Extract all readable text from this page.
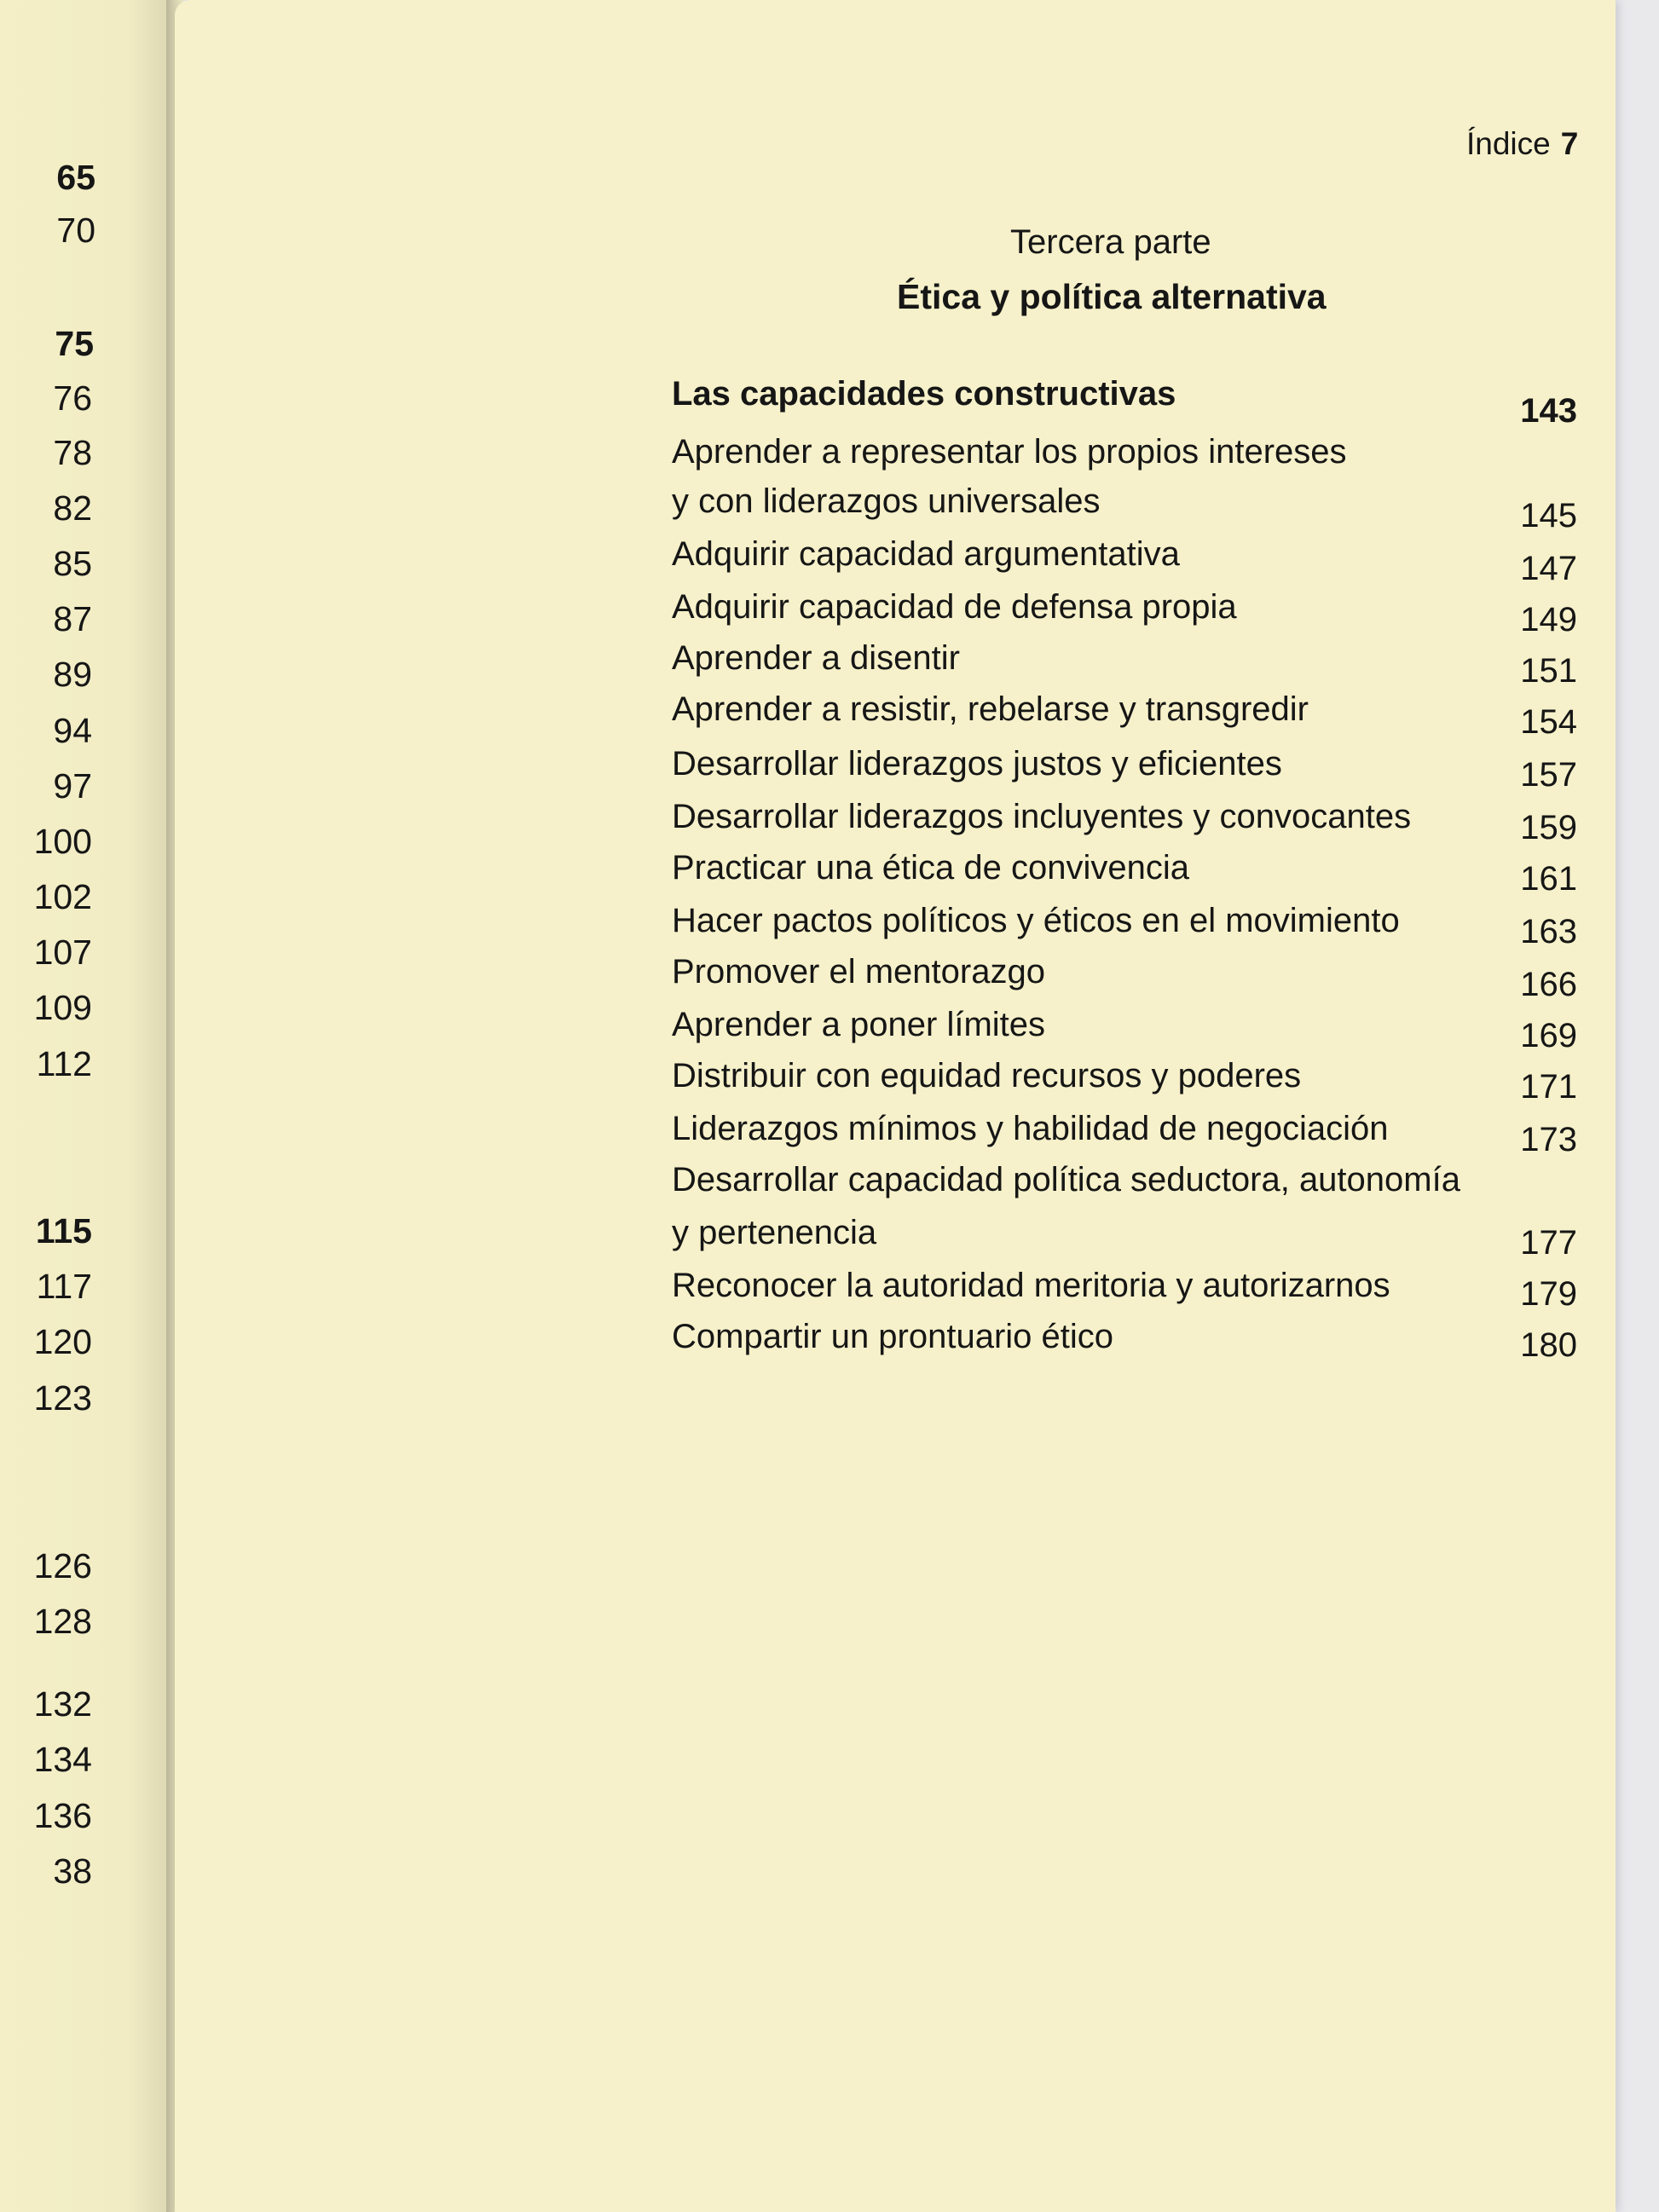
65
70
75
76
78
82
85
87
89
94
97
100
102
107
109
112
115
117
120
123
126
128
132
134
136
38
Índice 7
Tercera parte
Ética y política alternativa
Las capacidades constructivas	143
Aprender a representar los propios intereses
y con liderazgos universales	145
Adquirir capacidad argumentativa	147
Adquirir capacidad de defensa propia	149
Aprender a disentir	151
Aprender a resistir, rebelarse y transgredir	154
Desarrollar liderazgos justos y eficientes	157
Desarrollar liderazgos incluyentes y convocantes	159
Practicar una ética de convivencia	161
Hacer pactos políticos y éticos en el movimiento	163
Promover el mentorazgo	166
Aprender a poner límites	169
Distribuir con equidad recursos y poderes	171
Liderazgos mínimos y habilidad de negociación	173
Desarrollar capacidad política seductora, autonomía
y pertenencia	177
Reconocer la autoridad meritoria y autorizarnos	179
Compartir un prontuario ético	180
